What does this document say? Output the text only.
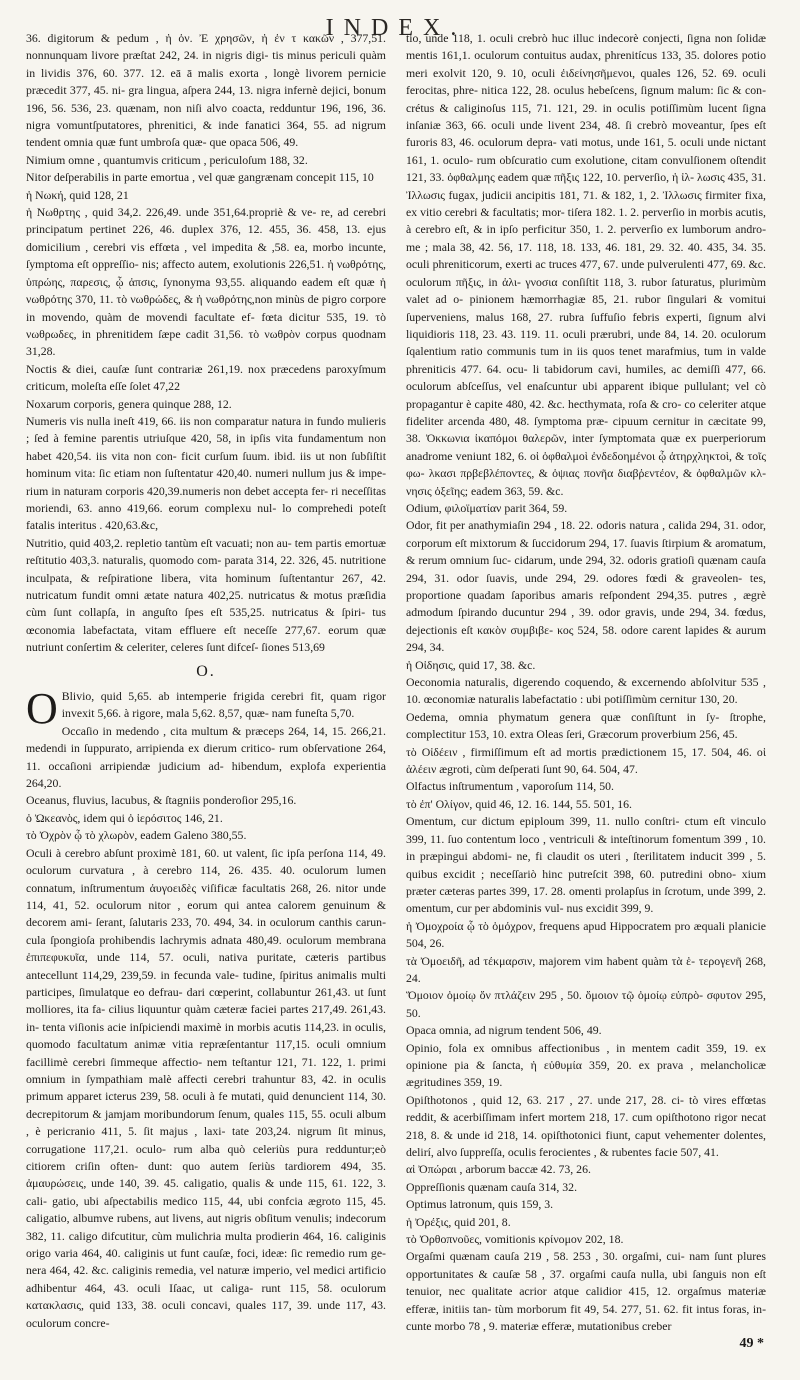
INDEX.

36. digitorum & pedum , ἡ ὀν. Ἐ χρησῶν, ἡ ἐν τ κακῶν , 377,51. nonnunquam livore præſtat 242, 24. in nigris digi- tis minus periculi quàm in lividis 376, 60. 377. 12. eā ā malis exorta , longè livorem pernicie præcedit 377, 45. ni- gra lingua, aſpera 244, 13. nigra infernè dejici, bonum 196, 56. 536, 23. quænam, non niſi alvo coacta, redduntur 196, 196, 36. nigra vomuntſputatores, phrenitici, & inde fanatici 364, 55. ad nigrum tendent omnia quæ funt umbroſa quæ- que opaca 506, 49.

Nimium omne , quantumvis criticum , periculoſum 188, 32.

Nitor deſperabilis in parte emortua , vel quæ gangrænam concepit 115, 10

ἡ Νωκή, quid 128, 21

ἡ Νωθρτης , quid 34,2. 226,49. unde 351,64.propriè & ve- re, ad cerebri principatum pertinet 226, 46. duplex 376, 12. 455, 36. 458, 13. ejus domicilium , cerebri vis effœta , vel impedita & ,58. ea, morbo incunte, ſymptoma eſt oppreſſio- nis; affecto autem, exolutionis 226,51. ἡ νωθρότης, ὑπρώης, παρεσις, ᾧ ἀπσις, ſynonyma 93,55. aliquando eadem eſt quæ ἡ νωθρότης 370, 11. τὸ νωθρώδες, & ἡ νωθρότης,non minùs de pigro corpore in movendo, quàm de movendi facultate ef- fœta dicitur 535, 19. τὸ νωθρωδες, in phrenitidem ſæpe cadit 31,56. τὸ νωθρὸν corpus quodnam 31,28.

Noctis & diei, cauſæ ſunt contrariæ 261,19. nox præcedens paroxyſmum criticum, moleſta eſſe ſolet 47,22

Noxarum corporis, genera quinque 288, 12.

Numeris vis nulla ineſt 419, 66. iis non comparatur natura in fundo mulieris ; ſed à femine parentis utriuſque 420, 58, in ipſis vita fundamentum non habet 420,54. iis vita non con- ficit curſum ſuum. ibid. iis ut non ſubſiſtit hominum vita: ſic etiam non ſuſtentatur 420,40. numeri nullum jus & impe- rium in naturam corporis 420,39.numeris non debet accepta fer- ri neceſſitas moriendi, 63. anno 419,66. eorum complexu nul- lo comprehedi poteſt fatalis interitus . 420,63.&c,

Nutritio, quid 403,2. repletio tantùm eſt vacuati; non au- tem partis emortuæ reſtitutio 403,3. naturalis, quomodo com- parata 314, 22. 326, 45. nutritione inculpata, & reſpiratione libera, vita hominum ſuſtentantur 267, 42. nutricatum fundit omni ætate natura 402,25. nutricatus & motus præſidia cùm ſunt collapſa, in anguſto ſpes eſt 535,25. nutricatus & ſpiri- tus œconomia labefactata, vitam effluere eſt neceſſe 277,67. eorum quæ nutriunt conſertim & celeriter, celeres ſunt difceſ- ſiones 513,69

O.

O Blivio, quid 5,65. ab intemperie frigida cerebri fit, quam rigor invexit 5,66. à rigore, mala 5,62. 8,57, quæ- nam funeſta 5,70.

Occaſio in medendo , cita multum & præceps 264, 14, 15. 266,21. medendi in ſuppurato, arripienda ex dierum critico- rum obſervatione 264, 11. occaſioni arripiendæ judicium ad- hibendum, explofa experientia 264,20.

Oceanus, fluvius, lacubus, & ſtagniis ponderoſior 295,16.

ὁ Ὠκεανὸς, idem qui ὁ ἱερόσιτος 146, 21.

τὸ Ὀχρὸν ᾧ τὸ χλωρὸν, eadem Galeno 380,55.

Oculi à cerebro abſunt proximè 181, 60. ut valent, ſic ipſa perſona 114, 49. oculorum curvatura , à cerebro 114, 26. 435. 40. oculorum lumen connatum, inſtrumentum ἀυγοειδὲς viſificæ facultatis 268, 26. nitor unde 114, 41, 52. oculorum nitor , eorum qui antea calorem genuinum & decorem ami- ſerant, ſalutaris 233, 70. 494, 34. in oculorum canthis carun- cula ſpongioſa prohibendis lachrymis adnata 480,49. oculorum membrana ἐπιπεφυκυῖα, unde 114, 57. oculi, nativa puritate, cæteris partibus antecellunt 114,29, 239,59. in fecunda vale- tudine, ſpiritus animalis multi participes, ſimulatque eo defrau- dari cœperint, collabuntur 261,43. ut ſunt molliores, ita fa- cilius liquuntur quàm cæteræ faciei partes 217,49. 261,43. in- tenta viſionis acie inſpiciendi maximè in morbis acutis 114,23. in oculis, quomodo facultatum animæ vitia repræſentantur 117,15. oculi omnium facillimè cerebri ſimmeque affectio- nem teſtantur 121, 71. 122, 1. primi omnium in ſympathiam malè affecti cerebri trahuntur 83, 42. in oculis primum apparet icterus 239, 58. oculi à fe mutati, quid denuncient 114, 30. decrepitorum & jamjam moribundorum ſenum, quales 115, 55. oculi album , è pericranio 411, 5. ſit majus , laxi- tate 203,24. nigrum ſit minus, corrugatione 117,21. oculo- rum alba quò celeriùs pura redduntur;eò citiorem criſin often- dunt: quo autem ſeriùs tardiorem 494, 35. ἀμαυρώσεις, unde 140, 39. 45. caligatio, qualis & unde 115, 61. 122, 3. cali- gatio, ubi aſpectabilis medico 115, 44, ubi confcia ægroto 115, 45. caligatio, albumve rubens, aut livens, aut nigris obſitum venulis; indecorum 382, 11. caligo difcutitur, cùm mulichria multa prodierin 464, 16. caliginis origo varia 464, 40. caliginis ut funt cauſæ, foci, ideæ: ſic remedio rum ge- nera 464, 42. &c. caliginis remedia, vel naturæ imperio, vel medici artificio adhibentur 464, 43. oculi Iſaac, ut caliga- runt 115, 58. oculorum κατακλασις, quid 133, 38. oculi concavi, quales 117, 39. unde 117, 43. oculorum concre-

tio, unde 118, 1. oculi crebrò huc illuc indecorè conjecti, ſigna non ſolidæ mentis 161,1. oculorum contuitus audax, phrenitícus 133, 35. dolores potio meri exolvit 120, 9. 10, oculi ἐιδείνησῆμενοι, quales 126, 52. 69. oculi ferocitas, phre- nitica 122, 28. oculus hebeſcens, ſignum malum: ſic & con- crétus & caliginoſus 115, 71. 121, 29. in oculis potiſſimùm lucent ſigna inſaniæ 363, 66. oculi unde livent 234, 48. ſi crebrò moveantur, ſpes eſt furoris 83, 46. oculorum depra- vati motus, unde 161, 5. oculi unde nictant 161, 1. oculo- rum obſcuratio cum exolutione, citam convulſionem oſtendit 121, 33. ὀφθαλμης eadem quæ πῆξις 122, 10. perverſio, ἡ ἰλ- λωσις 435, 31. Ἰλλωσις fugax, judicii ancipitis 181, 71. & 182, 1, 2. Ἰλλωσις firmiter fixa, ex vitio cerebri & facultatis; mor- tiſera 182. 1. 2. perverſio in morbis acutis, à cerebro eſt, & in ipſo perficitur 350, 1. 2. perverſio ex lumborum andro- me ; mala 38, 42. 56, 17. 118, 18. 133, 46. 181, 29. 32. 40. 435, 34. 35. oculi phreniticorum, exerti ac truces 477, 67. unde pulverulenti 477, 69. &c. oculorum πῆξις, in ἀλι- γνοσια conſiſtit 118, 3. rubor ſaturatus, plurimùm valet ad o- pinionem hæmorrhagiæ 85, 21. rubor ſingulari & vomitui ſuperveniens, malus 168, 27. rubra ſuffuſio febris experti, ſignum alvi liquidioris 118, 23. 43. 119. 11. oculi prærubri, unde 84, 14. 20. oculorum ſqalentium ratio communis tum in iis quos tenet marafmius, tum in valde phreniticis 477. 64. ocu- li tabidorum cavi, humiles, ac demiſſi 477, 66. oculorum abſceſſus, vel enaſcuntur ubi apparent ibique pullulant; vel cò propagantur è capite 480, 42. &c. hecthymata, roſa & cro- co celeriter atque fideliter arcenda 480, 48. ſymptoma præ- cipuum cernitur in cæcitate 99, 38. Ὀκκωνια ἰκαπόμοι θαλερῶν, inter ſymptomata quæ ex puerperiorum anadrome veniunt 182, 6. οἱ ὀφθαλμοὶ ἐνδεδοημένοι ᾧ ἀτηρχληκτοὶ, & τοῖς φω- λκασι πρβεβλέποντες, & ὀψιας πονῆα διαβῤεντέον, & ὀφθαλμῶν κλ- νησις ὀξεῖης; eadem 363, 59. &c.

Odium, φιλοϊματίαν parit 364, 59.

Odor, fit per anathymiaſin 294 , 18. 22. odoris natura , calida 294, 31. odor, corporum eſt mixtorum & ſuccidorum 294, 17. ſuavis ſtirpium & aromatum, & rerum omnium ſuc- cidarum, unde 294, 32. odoris gratioſi quænam cauſa 294, 31. odor ſuavis, unde 294, 29. odores fœdi & graveolen- tes, proportione quadam ſaporibus amaris reſpondent 294,35. putres , ægrè admodum ſpirando ducuntur 294 , 39. odor gravis, unde 294, 34. fœdus, dejectionis eſt κακὸν συμβιβε- κος 524, 58. odore carent lapides & aurum 294, 34.

ἡ Οἰδησις, quid 17, 38. &c.

Oeconomia naturalis, digerendo coquendo, & excernendo abſolvitur 535 , 10. œconomiæ naturalis labefactatio : ubi potiſſimùm cernitur 130, 20.

Oedema, omnia phymatum genera quæ conſiſtunt in ſy- ſtrophe, complectitur 153, 10. extra Oleas ſeri, Græcorum proverbium 256, 45.

τὸ Οἰδέειν , firmiſſimum eſt ad mortis prædictionem 15, 17. 504, 46. οἱ ἀλέειν ægroti, cùm deſperati ſunt 90, 64. 504, 47.

Olfactus inſtrumentum , vaporoſum 114, 50.

τὸ ἐπ' Ολίγον, quid 46, 12. 16. 144, 55. 501, 16.

Omentum, cur dictum epiploum 399, 11. nullo conſtri- ctum eſt vinculo 399, 11. ſuo contentum loco , ventriculi & inteſtinorum fomentum 399 , 10. in præpingui abdomi- ne, fi claudit os uteri , ſterilitatem inducit 399 , 5. quibus excidit ; neceſſariò hinc putreſcit 398, 60. putredini obno- xium præter cæteras partes 399, 17. 28. omenti prolapſus in ſcrotum, unde 399, 2. omentum, cur per abdominis vul- nus excidit 399, 9.

ἡ Ὀμοχροία ᾧ τὸ ὁμόχρον, frequens apud Hippocratem pro æquali planicie 504, 26.

τὰ Ὀμοειδῆ, ad τέκμαρσιν, majorem vim habent quàm τὰ ἑ- τερογενῆ 268, 24.

Ὅμοιον ὁμοίῳ ὅν πτλάζειν 295 , 50. ὅμοιον τῷ ὁμοίῳ εὐπρὸ- σφυτον 295, 50.

Opaca omnia, ad nigrum tendent 506, 49.

Opinio, fola ex omnibus affectionibus , in mentem cadit 359, 19. ex opinione pia & ſancta, ἡ εὐθυμία 359, 20. ex prava , melancholicæ ægritudines 359, 19.

Opiſthotonos , quid 12, 63. 217 , 27. unde 217, 28. ci- tò vires effœtas reddit, & acerbiſſimam infert mortem 218, 17. cum opiſthotono rigor necat 218, 8. & unde id 218, 14. opiſthotonici fiunt, caput vehementer dolentes, delirí, alvo ſuppreſſa, oculis ferocientes , & rubentes facie 507, 41.

αἱ Ὀπώραι , arborum baccæ 42. 73, 26.

Oppreſſionis quænam cauſa 314, 32.

Optimus latronum, quis 159, 3.

ἡ Ὀρέξις, quid 201, 8.

τὸ Ὀρθοπνοῦες, vomitionis κρίνομον 202, 18.

Orgaſmi quænam cauſa 219 , 58. 253 , 30. orgaſmi, cui- nam ſunt plures opportunitates & cauſæ 58 , 37. orgaſmi cauſa nulla, ubi ſanguis non eſt tenuior, nec qualitate acrior atque calidior 415, 12. orgaſmus materiæ efferæ, initiis tan- tùm morborum fit 49, 54. 277, 51. 62. fit intus foras, in- cunte morbo 78 , 9. materiæ efferæ, mutationibus creber

49 *
